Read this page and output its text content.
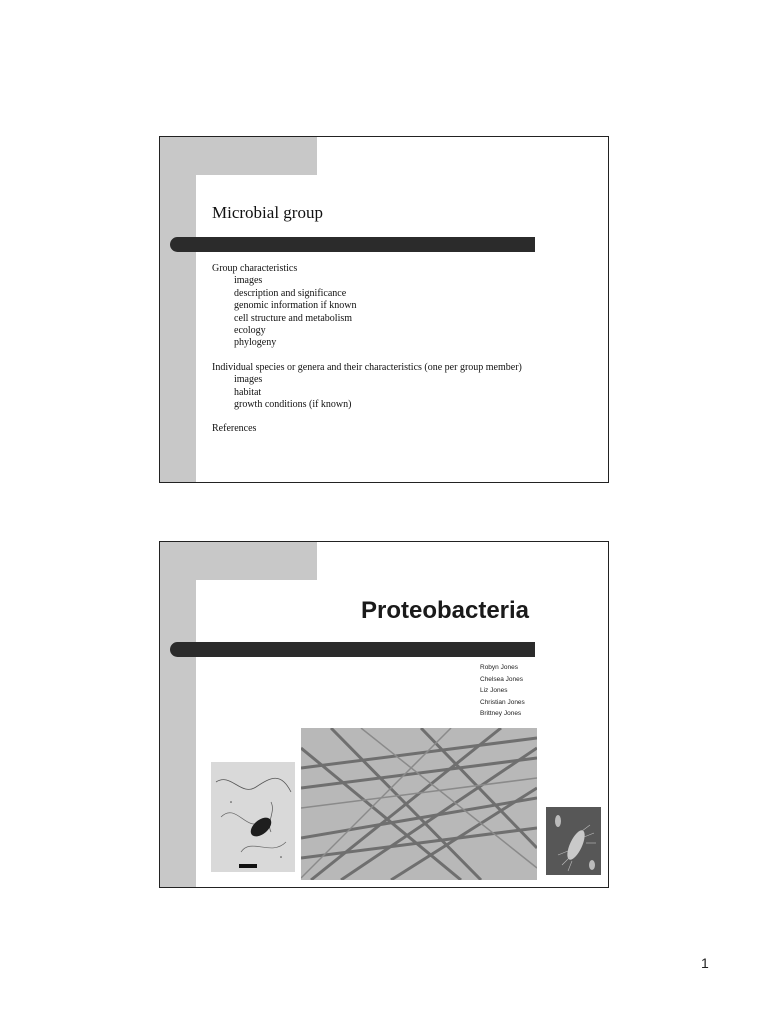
Microbial group
Group characteristics
images
description and significance
genomic information if known
cell structure and metabolism
ecology
phylogeny
Individual species or genera and their characteristics (one per group member)
images
habitat
growth conditions (if known)
References
Proteobacteria
Robyn Jones
Chelsea Jones
Liz Jones
Christian Jones
Brittney Jones
1
